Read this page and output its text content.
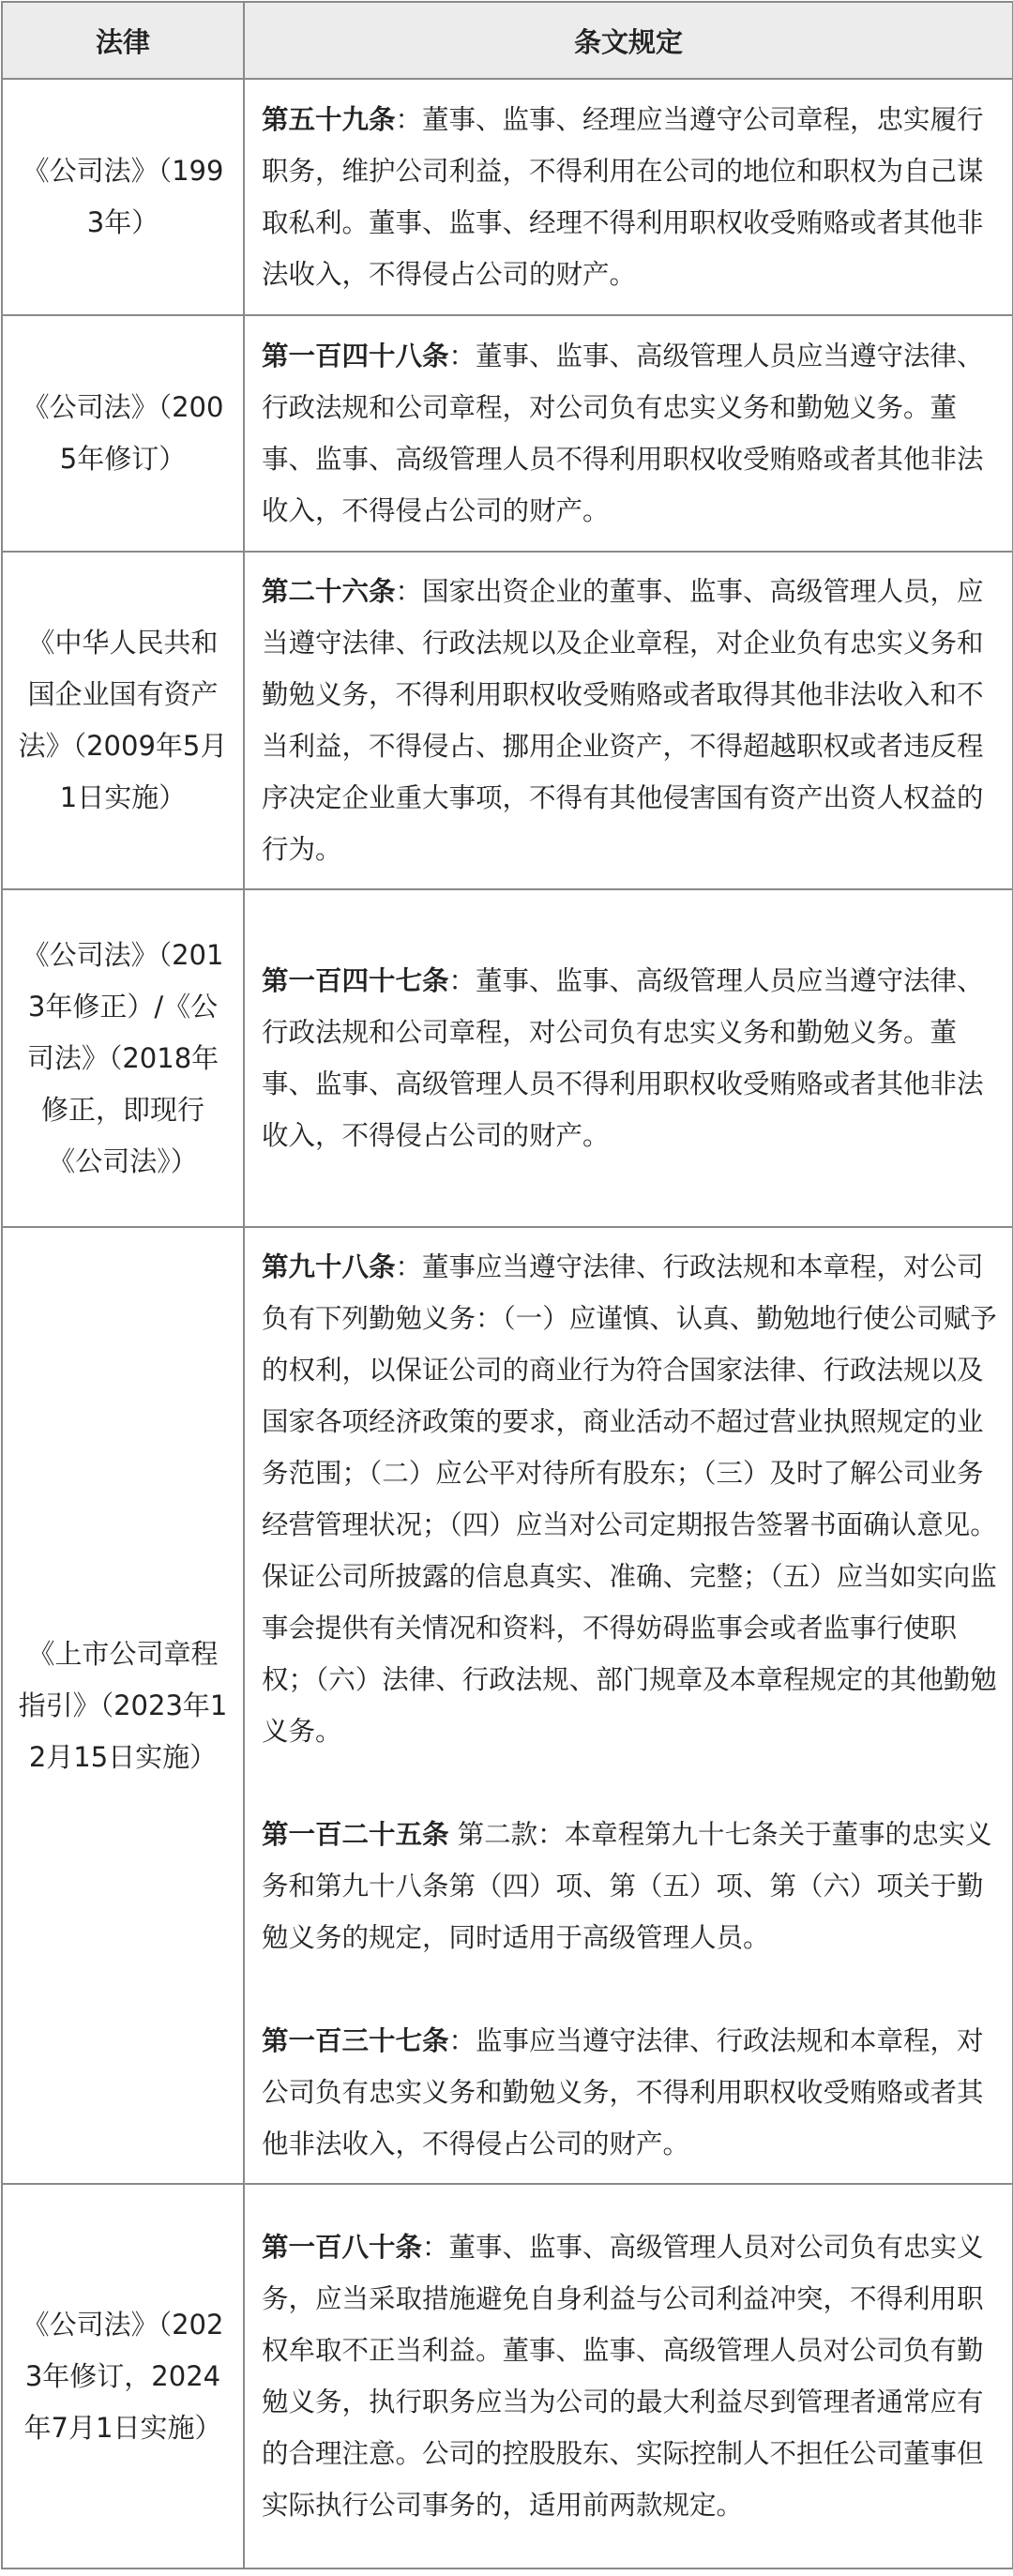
法律	条文规定
《公司法》（1993年）	第五十九条：董事、监事、经理应当遵守公司章程，忠实履行职务，维护公司利益，不得利用在公司的地位和职权为自己谋取私利。董事、监事、经理不得利用职权收受贿赂或者其他非法收入，不得侵占公司的财产。

《公司法》（2005年修订）	第一百四十八条：董事、监事、高级管理人员应当遵守法律、行政法规和公司章程，对公司负有忠实义务和勤勉义务。董事、监事、高级管理人员不得利用职权收受贿赂或者其他非法收入，不得侵占公司的财产。

《中华人民共和国企业国有资产法》（2009年5月1日实施）	第二十六条：国家出资企业的董事、监事、高级管理人员，应当遵守法律、行政法规以及企业章程，对企业负有忠实义务和勤勉义务，不得利用职权收受贿赂或者取得其他非法收入和不当利益，不得侵占、挪用企业资产，不得超越职权或者违反程序决定企业重大事项，不得有其他侵害国有资产出资人权益的行为。

《公司法》（2013年修正）/《公司法》（2018年修正，即现行《公司法》）	第一百四十七条：董事、监事、高级管理人员应当遵守法律、行政法规和公司章程，对公司负有忠实义务和勤勉义务。董事、监事、高级管理人员不得利用职权收受贿赂或者其他非法收入，不得侵占公司的财产。

《上市公司章程指引》（2023年12月15日实施）	第九十八条：董事应当遵守法律、行政法规和本章程，对公司负有下列勤勉义务：（一）应谨慎、认真、勤勉地行使公司赋予的权利，以保证公司的商业行为符合国家法律、行政法规以及国家各项经济政策的要求，商业活动不超过营业执照规定的业务范围；（二）应公平对待所有股东；（三）及时了解公司业务经营管理状况；（四）应当对公司定期报告签署书面确认意见。保证公司所披露的信息真实、准确、完整；（五）应当如实向监事会提供有关情况和资料，不得妨碍监事会或者监事行使职权；（六）法律、行政法规、部门规章及本章程规定的其他勤勉义务。

第一百二十五条 第二款：本章程第九十七条关于董事的忠实义务和第九十八条第（四）项、第（五）项、第（六）项关于勤勉义务的规定，同时适用于高级管理人员。

第一百三十七条：监事应当遵守法律、行政法规和本章程，对公司负有忠实义务和勤勉义务，不得利用职权收受贿赂或者其他非法收入，不得侵占公司的财产。

《公司法》（2023年修订，2024年7月1日实施）	第一百八十条：董事、监事、高级管理人员对公司负有忠实义务，应当采取措施避免自身利益与公司利益冲突，不得利用职权牟取不正当利益。董事、监事、高级管理人员对公司负有勤勉义务，执行职务应当为公司的最大利益尽到管理者通常应有的合理注意。公司的控股股东、实际控制人不担任公司董事但实际执行公司事务的，适用前两款规定。
